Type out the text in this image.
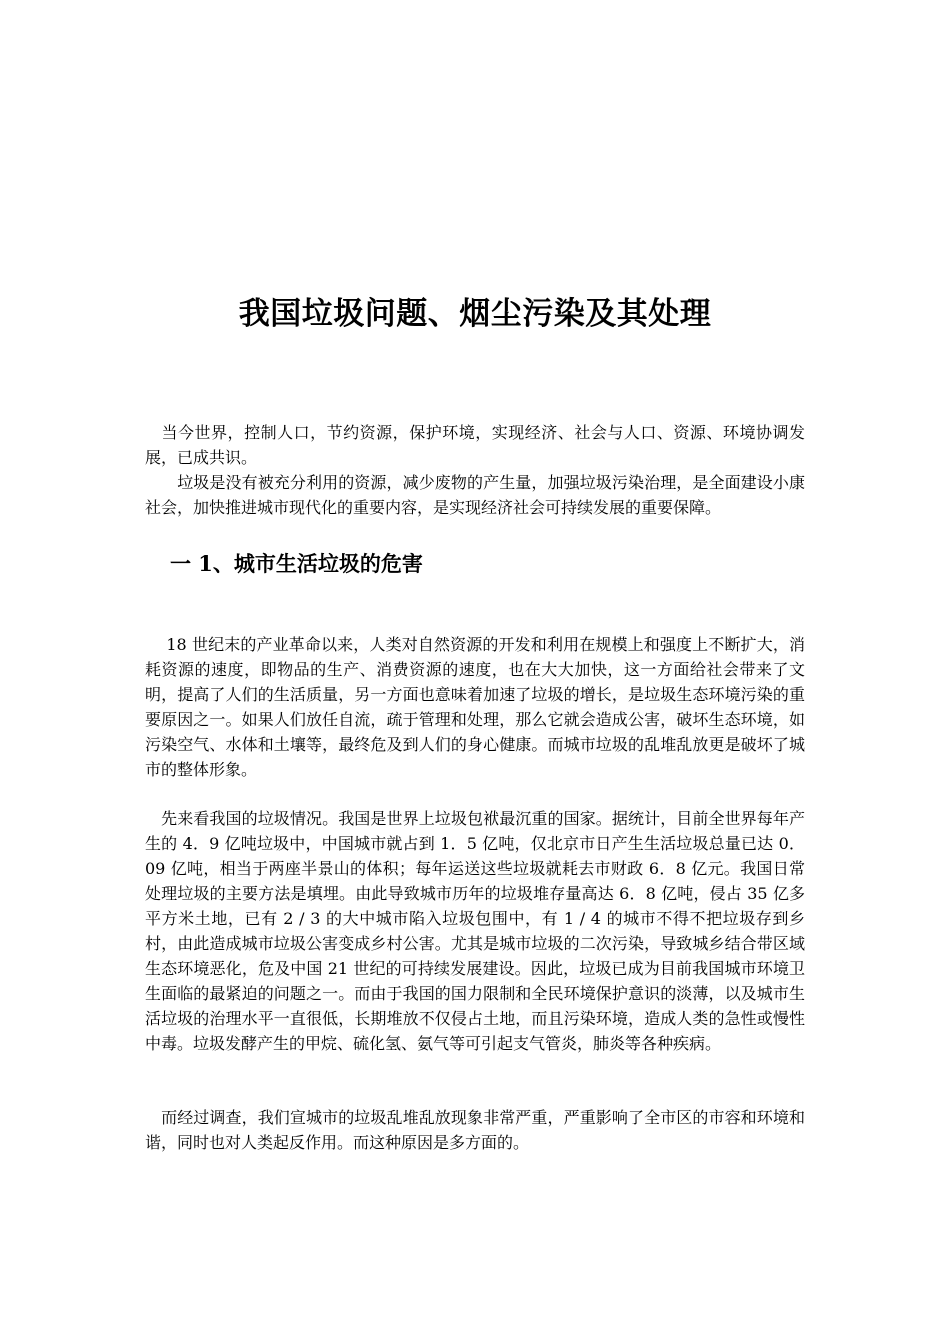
我国垃圾问题、烟尘污染及其处理

　当今世界，控制人口，节约资源，保护环境，实现经济、社会与人口、资源、环境协调发展，已成共识。

　　垃圾是没有被充分利用的资源，减少废物的产生量，加强垃圾污染治理，是全面建设小康社会，加快推进城市现代化的重要内容，是实现经济社会可持续发展的重要保障。

一 1、城市生活垃圾的危害

　 18 世纪末的产业革命以来，人类对自然资源的开发和利用在规模上和强度上不断扩大，消耗资源的速度，即物品的生产、消费资源的速度，也在大大加快，这一方面给社会带来了文明，提高了人们的生活质量，另一方面也意味着加速了垃圾的增长，是垃圾生态环境污染的重要原因之一。如果人们放任自流，疏于管理和处理，那么它就会造成公害，破坏生态环境，如污染空气、水体和土壤等，最终危及到人们的身心健康。而城市垃圾的乱堆乱放更是破坏了城市的整体形象。

　先来看我国的垃圾情况。我国是世界上垃圾包袱最沉重的国家。据统计，目前全世界每年产生的 4．9 亿吨垃圾中，中国城市就占到 1．5 亿吨，仅北京市日产生生活垃圾总量已达 0．09 亿吨，相当于两座半景山的体积；每年运送这些垃圾就耗去市财政 6．8 亿元。我国日常处理垃圾的主要方法是填埋。由此导致城市历年的垃圾堆存量高达 6．8 亿吨，侵占 35 亿多平方米土地，已有 2 / 3 的大中城市陷入垃圾包围中，有 1 / 4 的城市不得不把垃圾存到乡村，由此造成城市垃圾公害变成乡村公害。尤其是城市垃圾的二次污染，导致城乡结合带区域生态环境恶化，危及中国 21 世纪的可持续发展建设。因此，垃圾已成为目前我国城市环境卫生面临的最紧迫的问题之一。而由于我国的国力限制和全民环境保护意识的淡薄，以及城市生活垃圾的治理水平一直很低，长期堆放不仅侵占土地，而且污染环境，造成人类的急性或慢性中毒。垃圾发酵产生的甲烷、硫化氢、氨气等可引起支气管炎，肺炎等各种疾病。

　而经过调查，我们宣城市的垃圾乱堆乱放现象非常严重，严重影响了全市区的市容和环境和谐，同时也对人类起反作用。而这种原因是多方面的。
